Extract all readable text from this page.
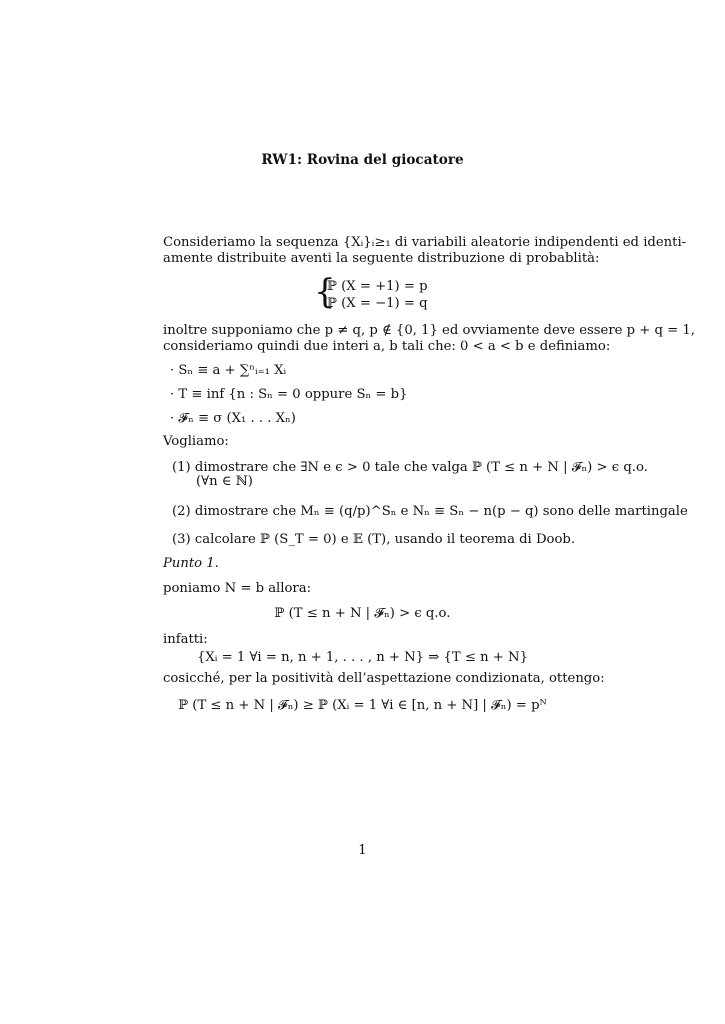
RW1: Rovina del giocatore
Consideriamo la sequenza {Xᵢ}ᵢ≥₁ di variabili aleatorie indipendenti ed identi-
amente distribuite aventi la seguente distribuzione di probablità:
{
ℙ (X = +1) = p
ℙ (X = −1) = q
inoltre supponiamo che p ≠ q, p ∉ {0, 1} ed ovviamente deve essere p + q = 1,
consideriamo quindi due interi a, b tali che: 0 < a < b e definiamo:
· Sₙ ≡ a + ∑ⁿᵢ₌₁ Xᵢ
· T ≡ inf {n : Sₙ = 0 oppure Sₙ = b}
· 𝓕ₙ ≡ σ (X₁ . . . Xₙ)
Vogliamo:
(1) dimostrare che ∃N e ϵ > 0 tale che valga ℙ (T ≤ n + N | 𝓕ₙ) > ϵ q.o.
(∀n ∈ ℕ)
(2) dimostrare che Mₙ ≡ (q/p)^Sₙ e Nₙ ≡ Sₙ − n(p − q) sono delle martingale
(3) calcolare ℙ (S_T = 0) e 𝔼 (T), usando il teorema di Doob.
Punto 1.
poniamo N = b allora:
ℙ (T ≤ n + N | 𝓕ₙ) > ϵ q.o.
infatti:
{Xᵢ = 1 ∀i = n, n + 1, . . . , n + N} ⇒ {T ≤ n + N}
cosicché, per la positività dell’aspettazione condizionata, ottengo:
ℙ (T ≤ n + N | 𝓕ₙ) ≥ ℙ (Xᵢ = 1 ∀i ∈ [n, n + N] | 𝓕ₙ) = pᴺ
1
